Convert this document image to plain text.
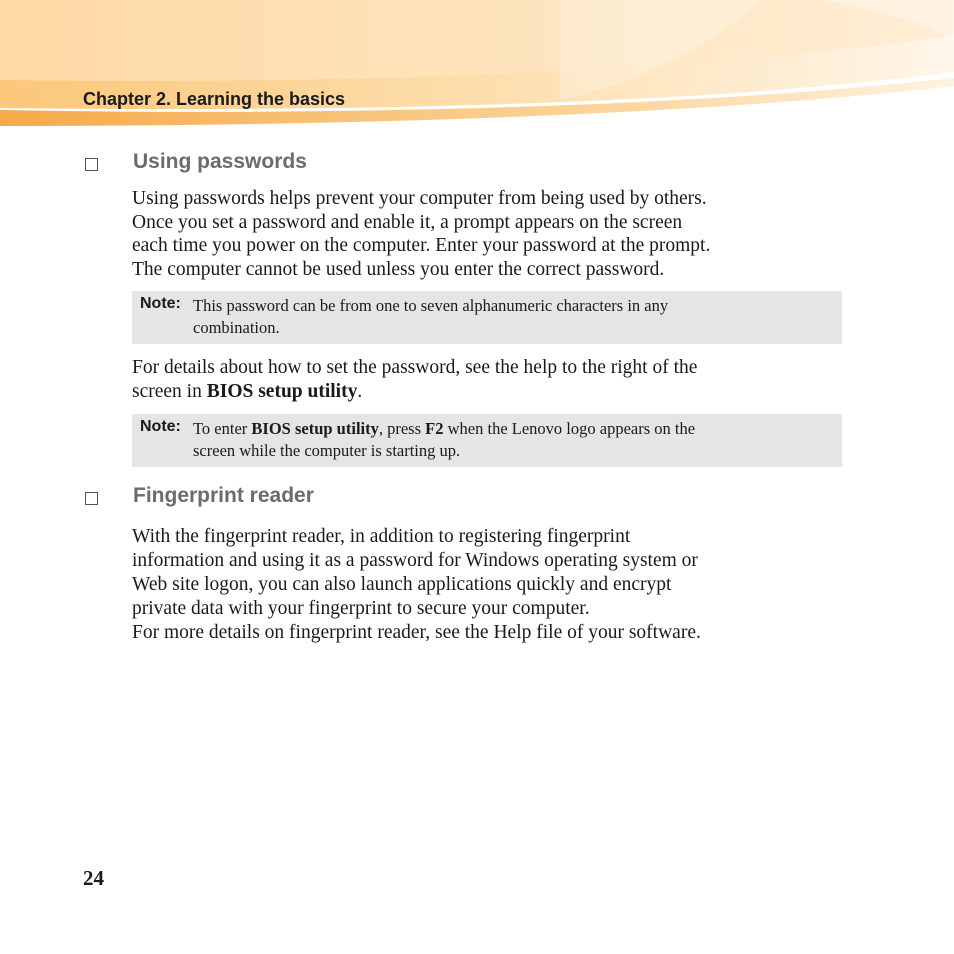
Chapter 2. Learning the basics

Using passwords

Using passwords helps prevent your computer from being used by others.

Once you set a password and enable it, a prompt appears on the screen

each time you power on the computer. Enter your password at the prompt.

The computer cannot be used unless you enter the correct password.

Note: This password can be from one to seven alphanumeric characters in any
combination.

For details about how to set the password, see the help to the right of the

screen in BIOS setup utility.

Note: To enter BIOS setup utility, press F2 when the Lenovo logo appears on the
screen while the computer is starting up.

Fingerprint reader

With the fingerprint reader, in addition to registering fingerprint

information and using it as a password for Windows operating system or

Web site logon, you can also launch applications quickly and encrypt

private data with your fingerprint to secure your computer.

For more details on fingerprint reader, see the Help file of your software.

24
